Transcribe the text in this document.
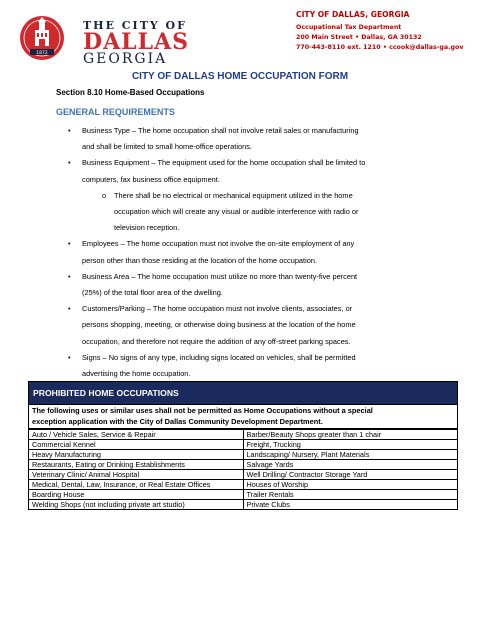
1872
THE CITY OF
DALLAS
GEORGIA
CITY OF DALLAS, GEORGIA
Occupational Tax Department
200 Main Street • Dallas, GA 30132
770-443-8110 ext. 1210 • ccook@dallas-ga.gov
CITY OF DALLAS HOME OCCUPATION FORM
Section 8.10 Home-Based Occupations
GENERAL REQUIREMENTS
• Business Type – The home occupation shall not involve retail sales or manufacturing
and shall be limited to small home-office operations.
• Business Equipment – The equipment used for the home occupation shall be limited to
computers, fax business office equipment.
o There shall be no electrical or mechanical equipment utilized in the home
occupation which will create any visual or audible interference with radio or
television reception.
• Employees – The home occupation must not involve the on-site employment of any
person other than those residing at the location of the home occupation.
• Business Area – The home occupation must utilize no more than twenty-five percent
(25%) of the total floor area of the dwelling.
• Customers/Parking – The home occupation must not involve clients, associates, or
persons shopping, meeting, or otherwise doing business at the location of the home
occupation, and therefore not require the addition of any off-street parking spaces.
• Signs – No signs of any type, including signs located on vehicles, shall be permitted
advertising the home occupation.
PROHIBITED HOME OCCUPATIONS
The following uses or similar uses shall not be permitted as Home Occupations without a special
exception application with the City of Dallas Community Development Department.
Auto / Vehicle Sales, Service & Repair	Barber/Beauty Shops greater than 1 chair
Commercial Kennel	Freight, Trucking
Heavy Manufacturing	Landscaping/ Nursery, Plant Materials
Restaurants, Eating or Drinking Establishments	Salvage Yards
Veterinary Clinic/ Animal Hospital	Well Drilling/ Contractor Storage Yard
Medical, Dental, Law, Insurance, or Real Estate Offices	Houses of Worship
Boarding House	Trailer Rentals
Welding Shops (not including private art studio)	Private Clubs
